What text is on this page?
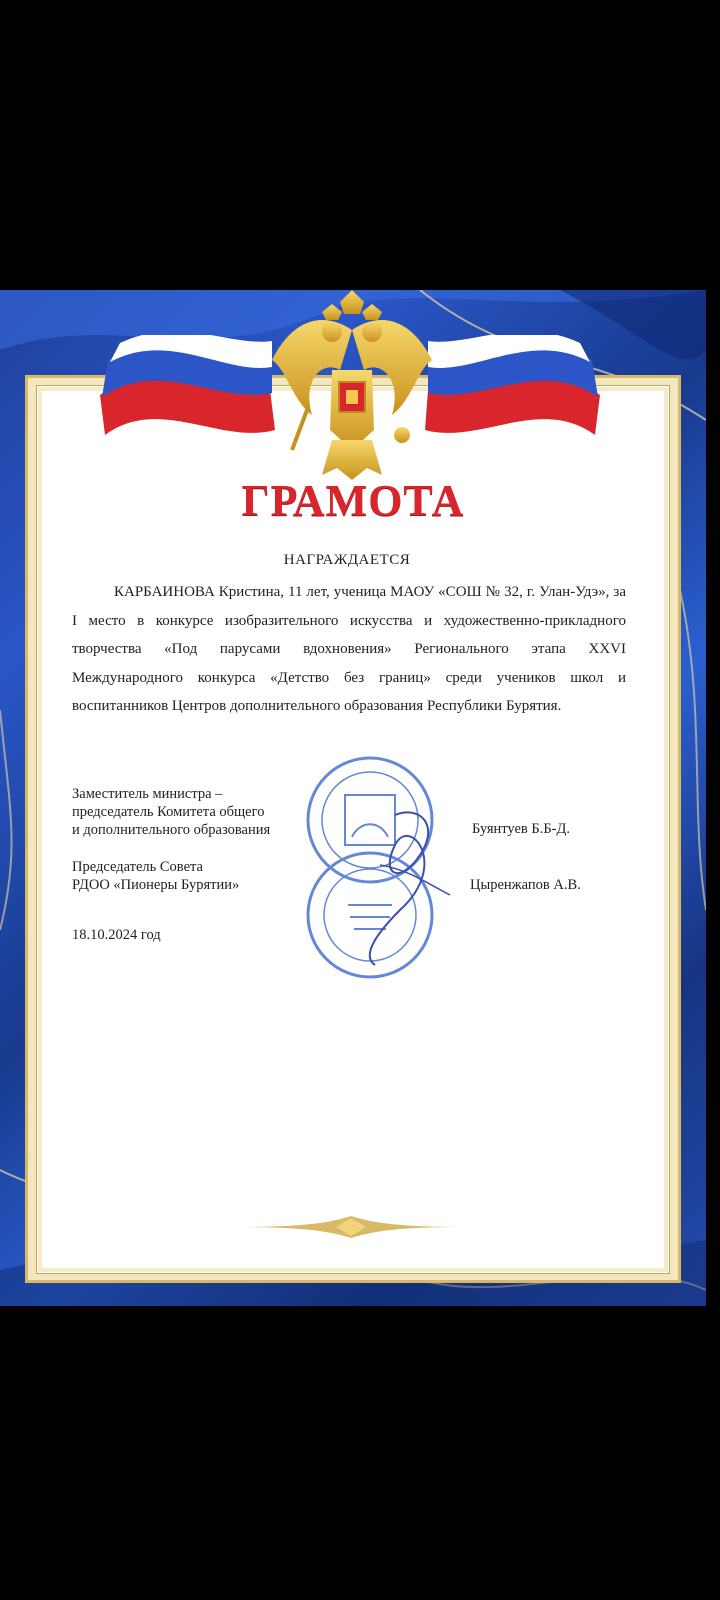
ГРАМОТА
НАГРАЖДАЕТСЯ

КАРБАИНОВА Кристина, 11 лет, ученица МАОУ «СОШ № 32, г. Улан-Удэ», за I место в конкурсе изобразительного искусства и художественно-прикладного творчества «Под парусами вдохновения» Регионального этапа XXVI Международного конкурса «Детство без границ» среди учеников школ и воспитанников Центров дополнительного образования Республики Бурятия.

Заместитель министра –
председатель Комитета общего
и дополнительного образования	Буянтуев Б.Б-Д.
Председатель Совета
РДОО «Пионеры Бурятии»	Цыренжапов А.В.
18.10.2024 год
